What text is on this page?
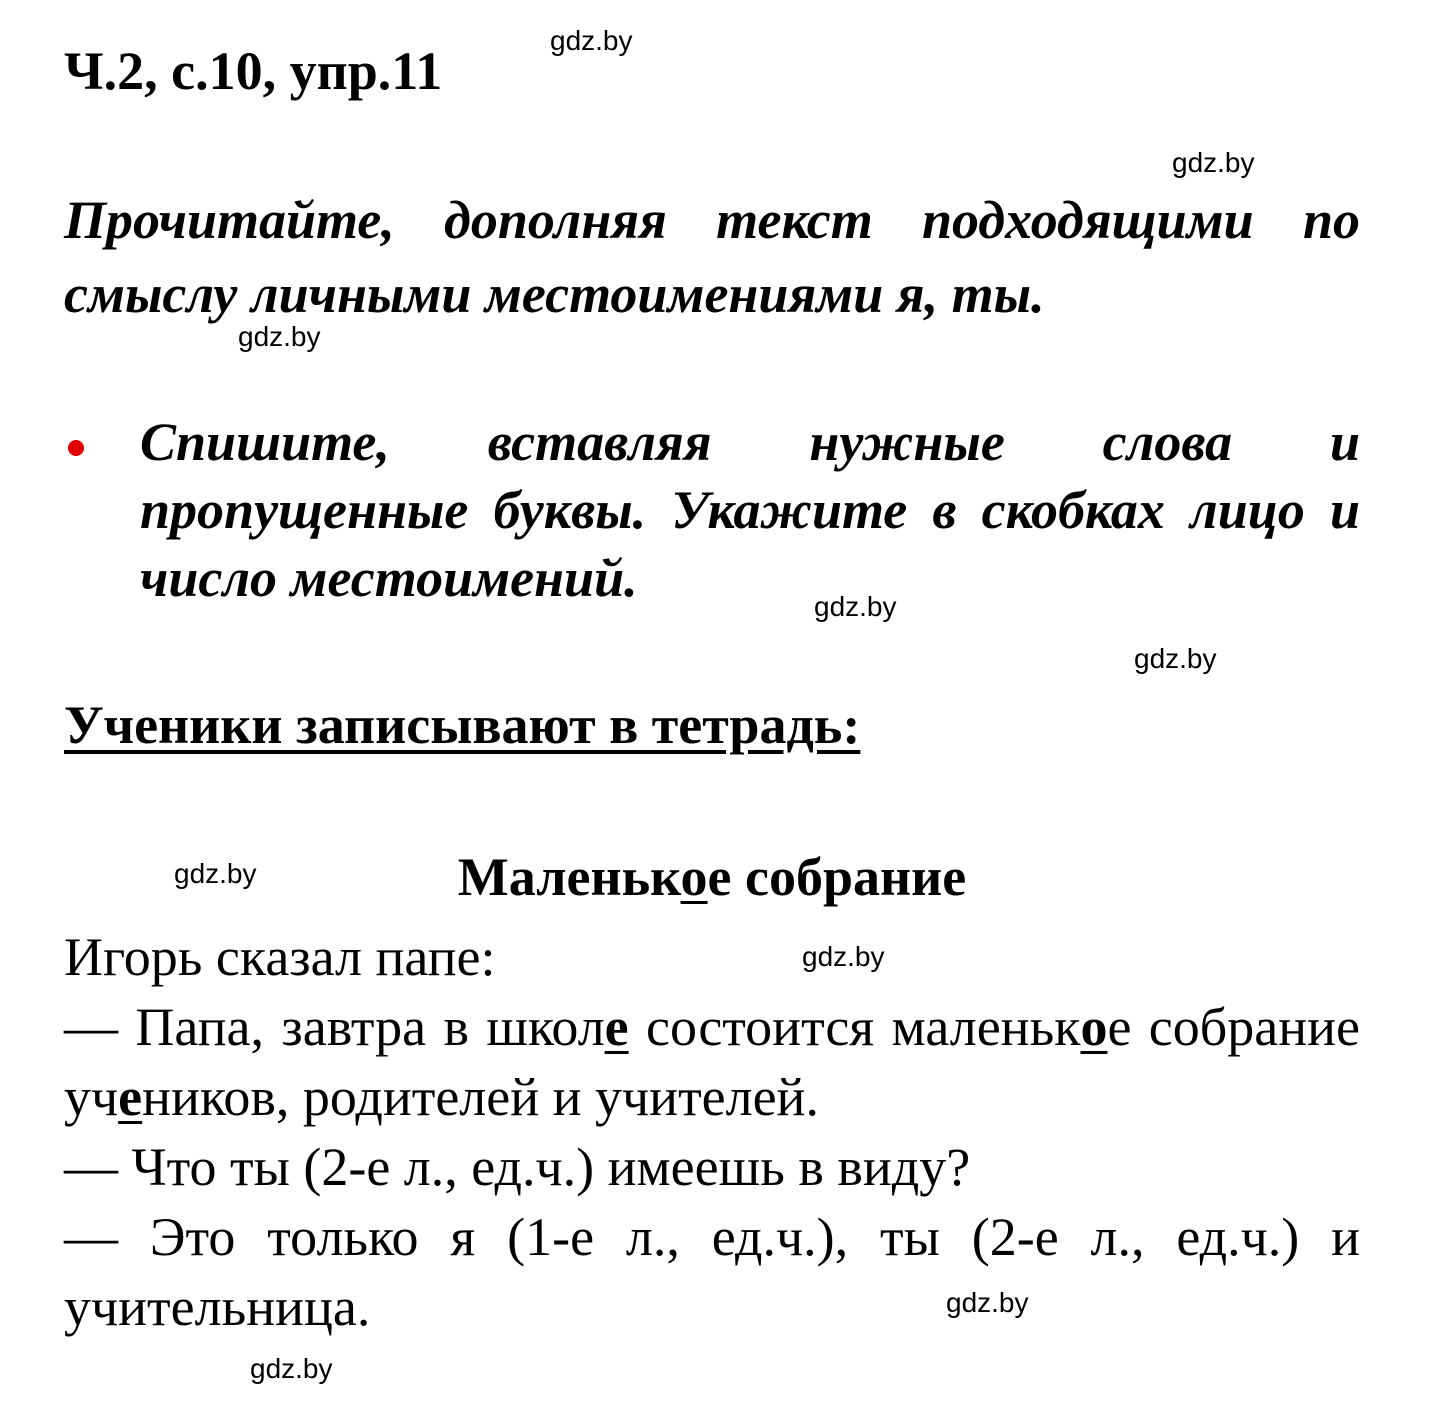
Ч.2, с.10, упр.11
gdz.by
gdz.by
gdz.by
gdz.by
gdz.by
gdz.by
gdz.by
gdz.by
gdz.by
Прочитайте, дополняя текст подходящими по смыслу личными местоимениями я, ты.
Спишите, вставляя нужные слова и пропущенные буквы. Укажите в скобках лицо и число местоимений.
Ученики записывают в тетрадь:
Маленькое собрание

Игорь сказал папе:

— Папа, завтра в школе состоится маленькое собрание учеников, родителей и учителей.

— Что ты (2-е л., ед.ч.) имеешь в виду?

— Это только я (1-е л., ед.ч.), ты (2-е л., ед.ч.) и учительница.
